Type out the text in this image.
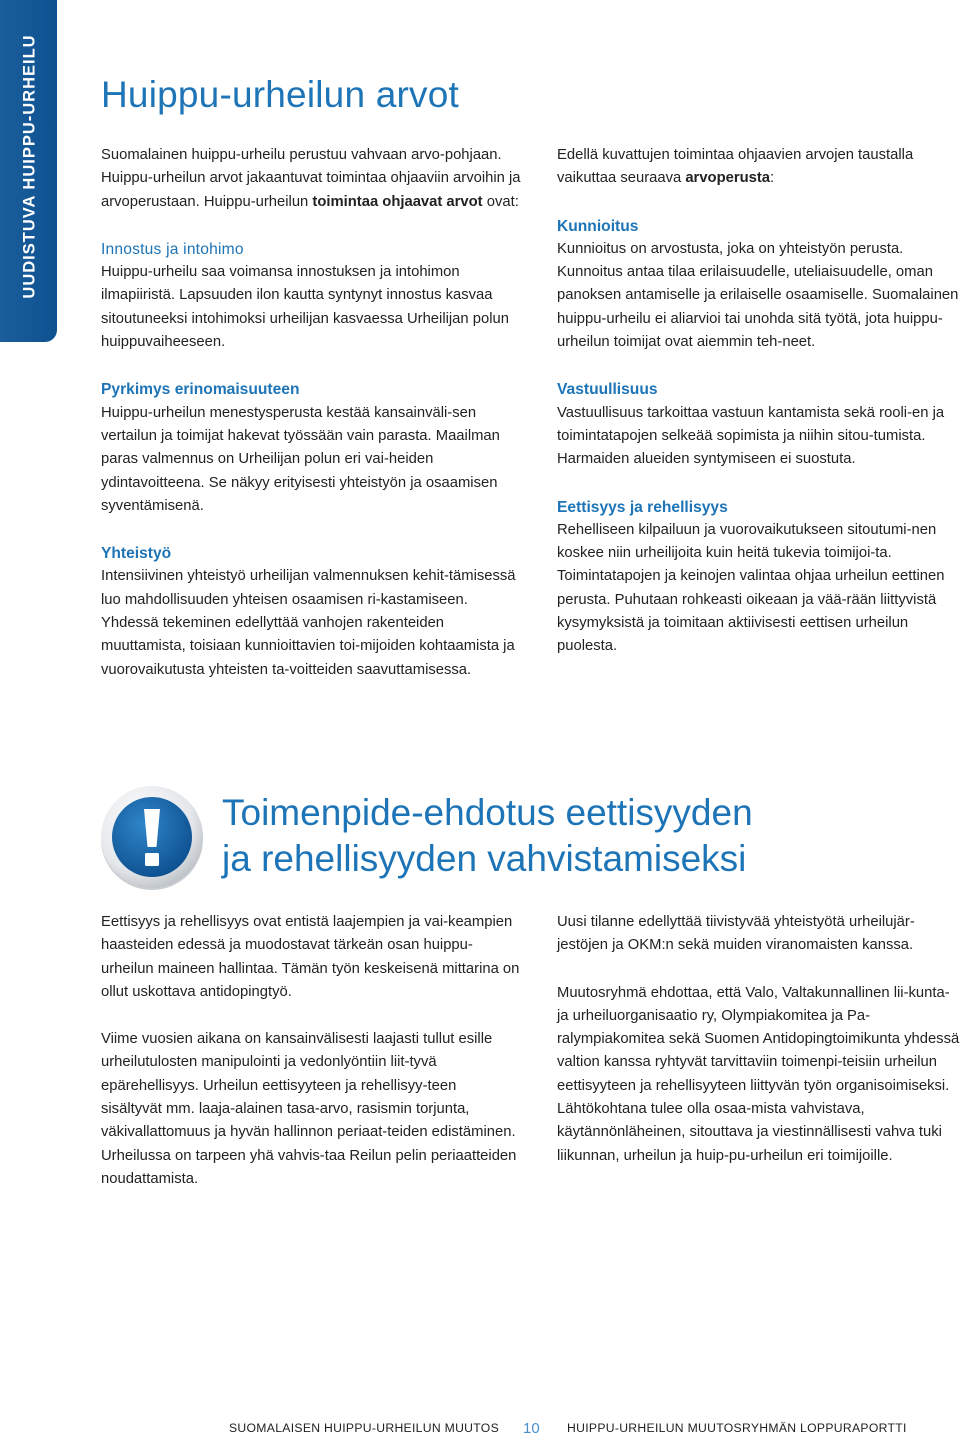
UUDISTUVA HUIPPU-URHEILU Huippu-urheilun arvot

Suomalainen huippu-urheilu perustuu vahvaan arvo-pohjaan. Huippu-urheilun arvot jakaantuvat toimintaa ohjaaviin arvoihin ja arvoperustaan. Huippu-urheilun toimintaa ohjaavat arvot ovat:

Innostus ja intohimo

Huippu-urheilu saa voimansa innostuksen ja intohimon ilmapiiristä. Lapsuuden ilon kautta syntynyt innostus kasvaa sitoutuneeksi intohimoksi urheilijan kasvaessa Urheilijan polun huippuvaiheeseen.

Pyrkimys erinomaisuuteen

Huippu-urheilun menestysperusta kestää kansainväli-sen vertailun ja toimijat hakevat työssään vain parasta. Maailman paras valmennus on Urheilijan polun eri vai-heiden ydintavoitteena. Se näkyy erityisesti yhteistyön ja osaamisen syventämisenä.

Yhteistyö

Intensiivinen yhteistyö urheilijan valmennuksen kehit-tämisessä luo mahdollisuuden yhteisen osaamisen ri-kastamiseen. Yhdessä tekeminen edellyttää vanhojen rakenteiden muuttamista, toisiaan kunnioittavien toi-mijoiden kohtaamista ja vuorovaikutusta yhteisten ta-voitteiden saavuttamisessa.

Edellä kuvattujen toimintaa ohjaavien arvojen taustalla vaikuttaa seuraava arvoperusta:

Kunnioitus

Kunnioitus on arvostusta, joka on yhteistyön perusta. Kunnoitus antaa tilaa erilaisuudelle, uteliaisuudelle, oman panoksen antamiselle ja erilaiselle osaamiselle. Suomalainen huippu-urheilu ei aliarvioi tai unohda sitä työtä, jota huippu-urheilun toimijat ovat aiemmin teh-neet.

Vastuullisuus

Vastuullisuus tarkoittaa vastuun kantamista sekä rooli-en ja toimintatapojen selkeää sopimista ja niihin sitou-tumista. Harmaiden alueiden syntymiseen ei suostuta.

Eettisyys ja rehellisyys

Rehelliseen kilpailuun ja vuorovaikutukseen sitoutumi-nen koskee niin urheilijoita kuin heitä tukevia toimijoi-ta. Toimintatapojen ja keinojen valintaa ohjaa urheilun eettinen perusta. Puhutaan rohkeasti oikeaan ja vää-rään liittyvistä kysymyksistä ja toimitaan aktiivisesti eettisen urheilun puolesta.

Toimenpide-ehdotus eettisyyden
ja rehellisyyden vahvistamiseksi

Eettisyys ja rehellisyys ovat entistä laajempien ja vai-keampien haasteiden edessä ja muodostavat tärkeän osan huippu-urheilun maineen hallintaa. Tämän työn keskeisenä mittarina on ollut uskottava antidopingtyö.

Viime vuosien aikana on kansainvälisesti laajasti tullut esille urheilutulosten manipulointi ja vedonlyöntiin liit-tyvä epärehellisyys. Urheilun eettisyyteen ja rehellisyy-teen sisältyvät mm. laaja-alainen tasa-arvo, rasismin torjunta, väkivallattomuus ja hyvän hallinnon periaat-teiden edistäminen. Urheilussa on tarpeen yhä vahvis-taa Reilun pelin periaatteiden noudattamista.

Uusi tilanne edellyttää tiivistyvää yhteistyötä urheilujär-jestöjen ja OKM:n sekä muiden viranomaisten kanssa.

Muutosryhmä ehdottaa, että Valo, Valtakunnallinen lii-kunta- ja urheiluorganisaatio ry, Olympiakomitea ja Pa-ralympiakomitea sekä Suomen Antidopingtoimikunta yhdessä valtion kanssa ryhtyvät tarvittaviin toimenpi-teisiin urheilun eettisyyteen ja rehellisyyteen liittyvän työn organisoimiseksi. Lähtökohtana tulee olla osaa-mista vahvistava, käytännönläheinen, sitouttava ja viestinnällisesti vahva tuki liikunnan, urheilun ja huip-pu-urheilun eri toimijoille.

SUOMALAISEN HUIPPU-URHEILUN MUUTOS 10 HUIPPU-URHEILUN MUUTOSRYHMÄN LOPPURAPORTTI
